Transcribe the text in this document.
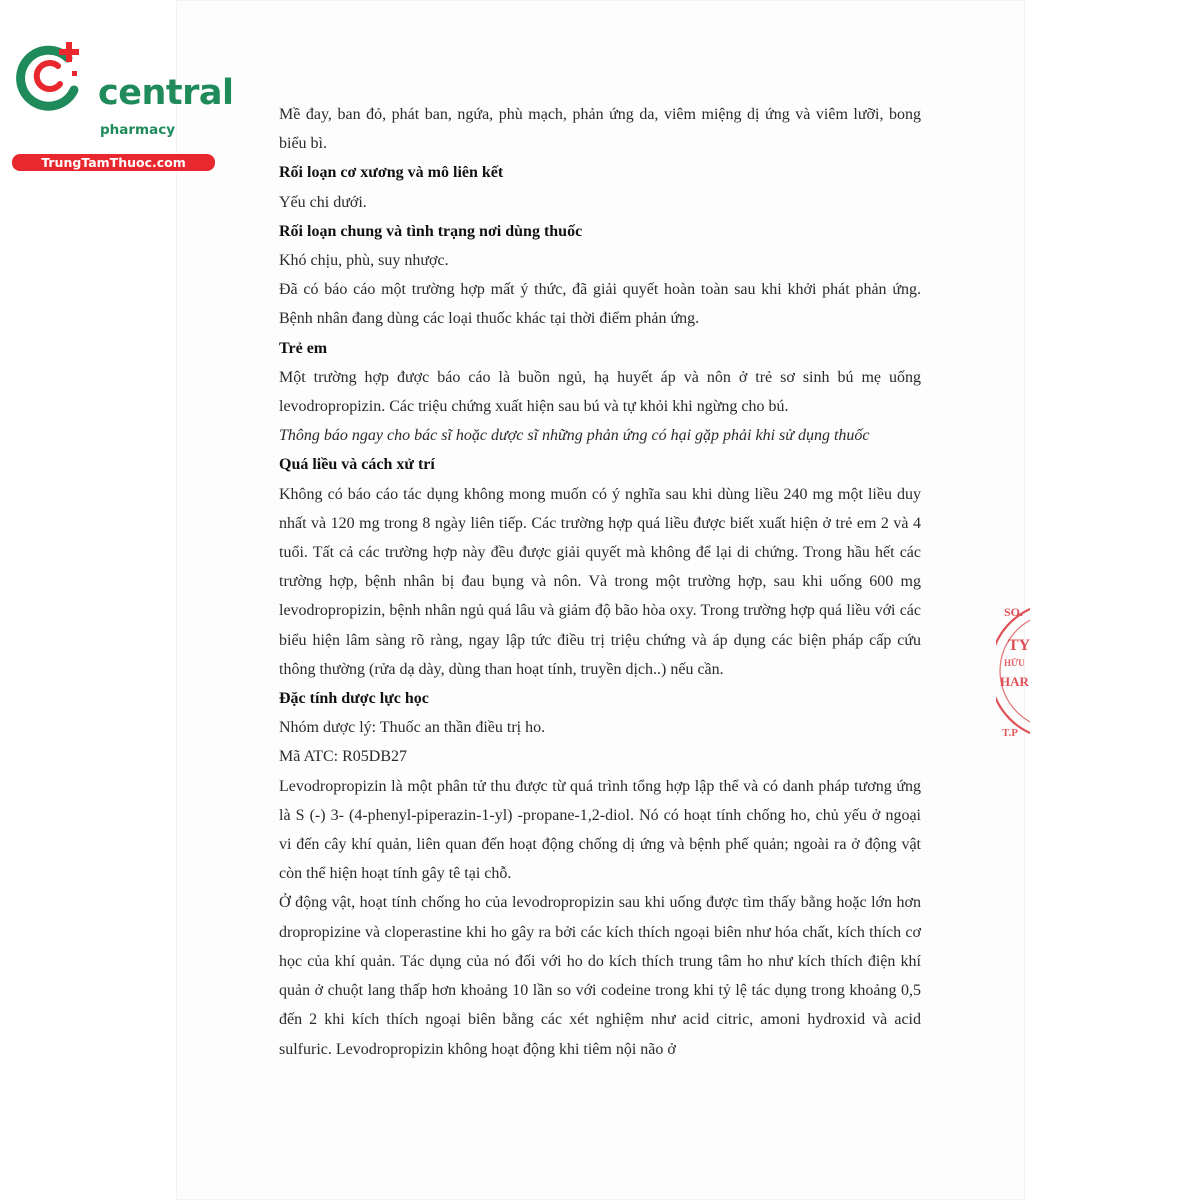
central
pharmacy
TrungTamThuoc.com

Mề đay, ban đỏ, phát ban, ngứa, phù mạch, phản ứng da, viêm miệng dị ứng và viêm lưỡi, bong biểu bì.

Rối loạn cơ xương và mô liên kết

Yếu chi dưới.

Rối loạn chung và tình trạng nơi dùng thuốc

Khó chịu, phù, suy nhược.

Đã có báo cáo một trường hợp mất ý thức, đã giải quyết hoàn toàn sau khi khởi phát phản ứng. Bệnh nhân đang dùng các loại thuốc khác tại thời điểm phản ứng.

Trẻ em

Một trường hợp được báo cáo là buồn ngủ, hạ huyết áp và nôn ở trẻ sơ sinh bú mẹ uống levodropropizin. Các triệu chứng xuất hiện sau bú và tự khỏi khi ngừng cho bú.

Thông báo ngay cho bác sĩ hoặc dược sĩ những phản ứng có hại gặp phải khi sử dụng thuốc

Quá liều và cách xử trí

Không có báo cáo tác dụng không mong muốn có ý nghĩa sau khi dùng liều 240 mg một liều duy nhất và 120 mg trong 8 ngày liên tiếp. Các trường hợp quá liều được biết xuất hiện ở trẻ em 2 và 4 tuổi. Tất cả các trường hợp này đều được giải quyết mà không để lại di chứng. Trong hầu hết các trường hợp, bệnh nhân bị đau bụng và nôn. Và trong một trường hợp, sau khi uống 600 mg levodropropizin, bệnh nhân ngủ quá lâu và giảm độ bão hòa oxy. Trong trường hợp quá liều với các biểu hiện lâm sàng rõ ràng, ngay lập tức điều trị triệu chứng và áp dụng các biện pháp cấp cứu thông thường (rửa dạ dày, dùng than hoạt tính, truyền dịch..) nếu cần.

Đặc tính dược lực học

Nhóm dược lý: Thuốc an thần điều trị ho.

Mã ATC: R05DB27

Levodropropizin là một phân tử thu được từ quá trình tổng hợp lập thể và có danh pháp tương ứng là S (-) 3- (4-phenyl-piperazin-1-yl) -propane-1,2-diol. Nó có hoạt tính chống ho, chủ yếu ở ngoại vi đến cây khí quản, liên quan đến hoạt động chống dị ứng và bệnh phế quản; ngoài ra ở động vật còn thể hiện hoạt tính gây tê tại chỗ.

Ở động vật, hoạt tính chống ho của levodropropizin sau khi uống được tìm thấy bằng hoặc lớn hơn dropropizine và cloperastine khi ho gây ra bởi các kích thích ngoại biên như hóa chất, kích thích cơ học của khí quản. Tác dụng của nó đối với ho do kích thích trung tâm ho như kích thích điện khí quản ở chuột lang thấp hơn khoảng 10 lần so với codeine trong khi tỷ lệ tác dụng trong khoảng 0,5 đến 2 khi kích thích ngoại biên bằng các xét nghiệm như acid citric, amoni hydroxid và acid sulfuric. Levodropropizin không hoạt động khi tiêm nội não ở

SO.
TY
HỮU
HAR
T.P
